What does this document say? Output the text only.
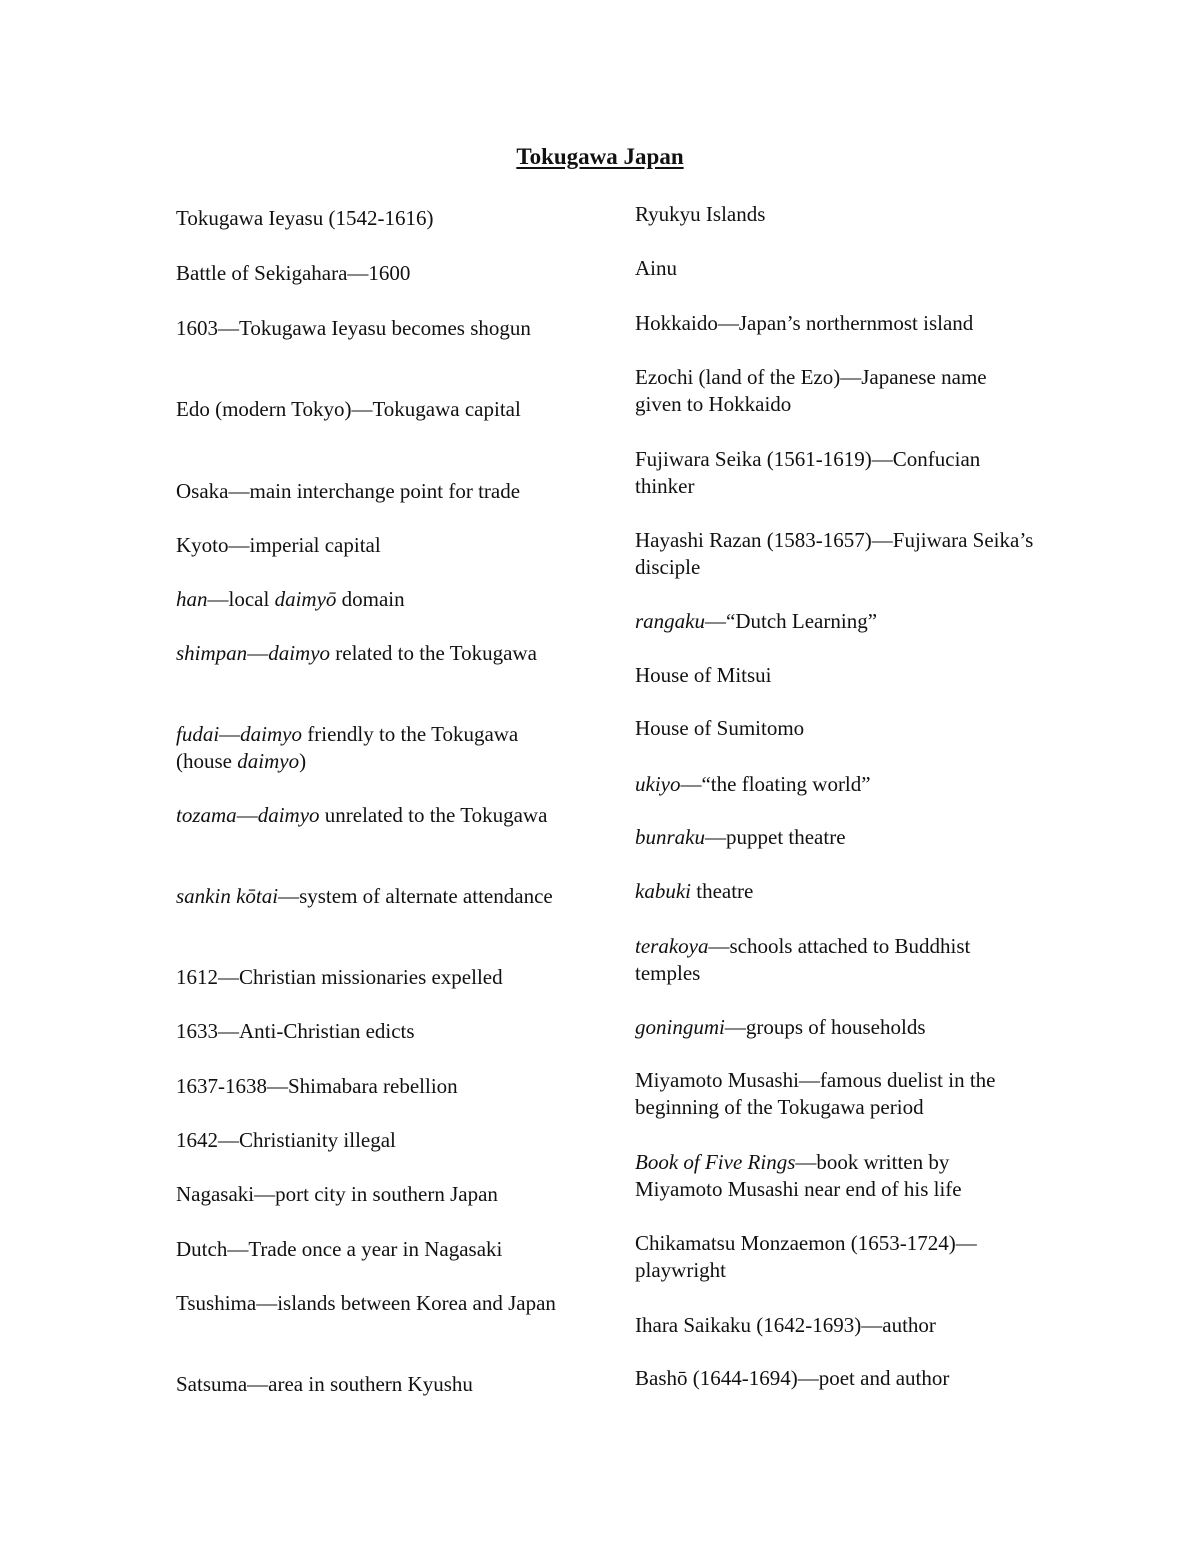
Tokugawa Japan
Tokugawa Ieyasu (1542-1616)
Battle of Sekigahara—1600
1603—Tokugawa Ieyasu becomes shogun
Edo (modern Tokyo)—Tokugawa capital
Osaka—main interchange point for trade
Kyoto—imperial capital
han—local daimyō domain
shimpan—daimyo related to the Tokugawa
fudai—daimyo friendly to the Tokugawa (house daimyo)
tozama—daimyo unrelated to the Tokugawa
sankin kōtai—system of alternate attendance
1612—Christian missionaries expelled
1633—Anti-Christian edicts
1637-1638—Shimabara rebellion
1642—Christianity illegal
Nagasaki—port city in southern Japan
Dutch—Trade once a year in Nagasaki
Tsushima—islands between Korea and Japan
Satsuma—area in southern Kyushu
Ryukyu Islands
Ainu
Hokkaido—Japan’s northernmost island
Ezochi (land of the Ezo)—Japanese name given to Hokkaido
Fujiwara Seika (1561-1619)—Confucian thinker
Hayashi Razan (1583-1657)—Fujiwara Seika’s disciple
rangaku—“Dutch Learning”
House of Mitsui
House of Sumitomo
ukiyo—“the floating world”
bunraku—puppet theatre
kabuki theatre
terakoya—schools attached to Buddhist temples
goningumi—groups of households
Miyamoto Musashi—famous duelist in the beginning of the Tokugawa period
Book of Five Rings—book written by Miyamoto Musashi near end of his life
Chikamatsu Monzaemon (1653-1724)—playwright
Ihara Saikaku (1642-1693)—author
Bashō (1644-1694)—poet and author
